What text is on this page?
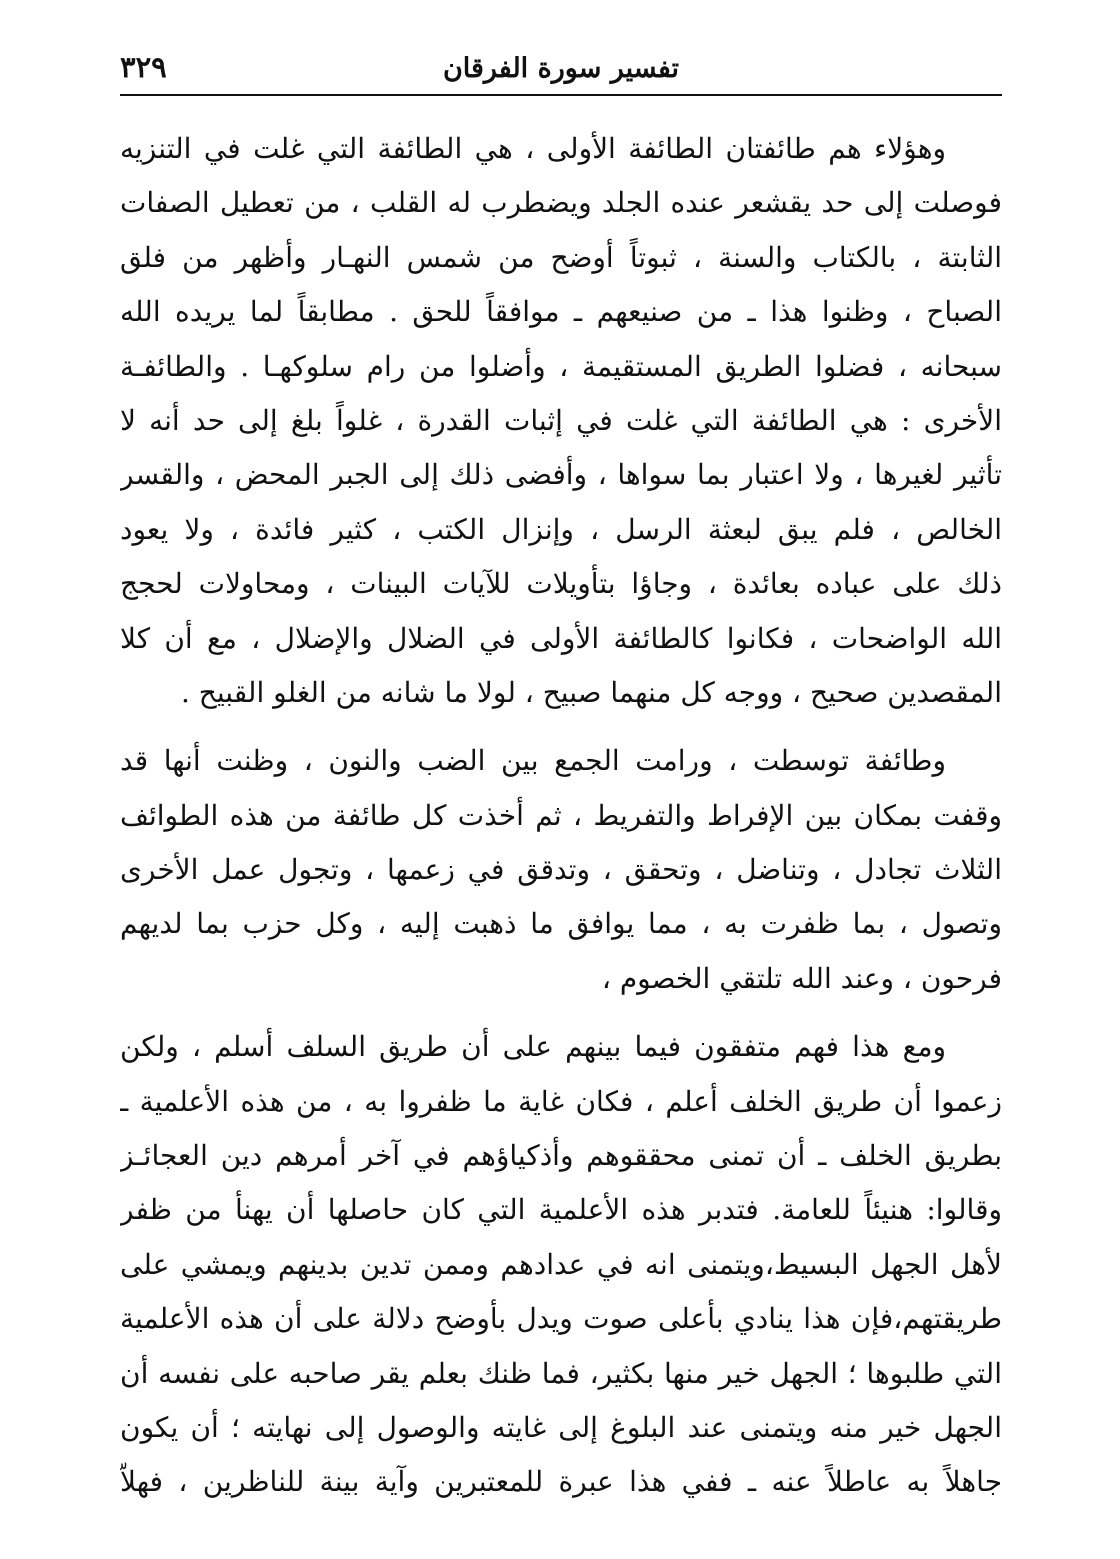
تفسير سورة الفرقان
٣٢٩

وهؤلاء هم طائفتان الطائفة الأولى ، هي الطائفة التي غلت في التنزيه
فوصلت إلى حد يقشعر عنده الجلد ويضطرب له القلب ، من تعطيل الصفات
الثابتة ، بالكتاب والسنة ، ثبوتاً أوضح من شمس النهـار وأظهر من فلق
الصباح ، وظنوا هذا ـ من صنيعهم ـ موافقاً للحق . مطابقاً لما يريده الله
سبحانه ، فضلوا الطريق المستقيمة ، وأضلوا من رام سلوكهـا . والطائفـة
الأخرى : هي الطائفة التي غلت في إثبات القدرة ، غلواً بلغ إلى حد أنه لا
تأثير لغيرها ، ولا اعتبار بما سواها ، وأفضى ذلك إلى الجبر المحض ، والقسر
الخالص ، فلم يبق لبعثة الرسل ، وإنزال الكتب ، كثير فائدة ، ولا يعود
ذلك على عباده بعائدة ، وجاؤا بتأويلات للآيات البينات ، ومحاولات لحجج
الله الواضحات ، فكانوا كالطائفة الأولى في الضلال والإضلال ، مع أن كلا
المقصدين صحيح ، ووجه كل منهما صبيح ، لولا ما شانه من الغلو القبيح .

وطائفة توسطت ، ورامت الجمع بين الضب والنون ، وظنت أنها قد
وقفت بمكان بين الإفراط والتفريط ، ثم أخذت كل طائفة من هذه الطوائف
الثلاث تجادل ، وتناضل ، وتحقق ، وتدقق في زعمها ، وتجول عمل الأخرى
وتصول ، بما ظفرت به ، مما يوافق ما ذهبت إليه ، وكل حزب بما لديهم
فرحون ، وعند الله تلتقي الخصوم ،

ومع هذا فهم متفقون فيما بينهم على أن طريق السلف أسلم ، ولكن
زعموا أن طريق الخلف أعلم ، فكان غاية ما ظفروا به ، من هذه الأعلمية ـ
بطريق الخلف ـ أن تمنى محققوهم وأذكياؤهم في آخر أمرهم دين العجائـز
وقالوا: هنيئاً للعامة. فتدبر هذه الأعلمية التي كان حاصلها أن يهنأ من ظفر
لأهل الجهل البسيط،ويتمنى انه في عدادهم وممن تدين بدينهم ويمشي على
طريقتهم،فإن هذا ينادي بأعلى صوت ويدل بأوضح دلالة على أن هذه الأعلمية
التي طلبوها ؛ الجهل خير منها بكثير، فما ظنك بعلم يقر صاحبه على نفسه أن
الجهل خير منه ويتمنى عند البلوغ إلى غايته والوصول إلى نهايته ؛ أن يكون
جاهلاً به عاطلاً عنه ـ ففي هذا عبرة للمعتبرين وآية بينة للناظرين ، فهلاّ
